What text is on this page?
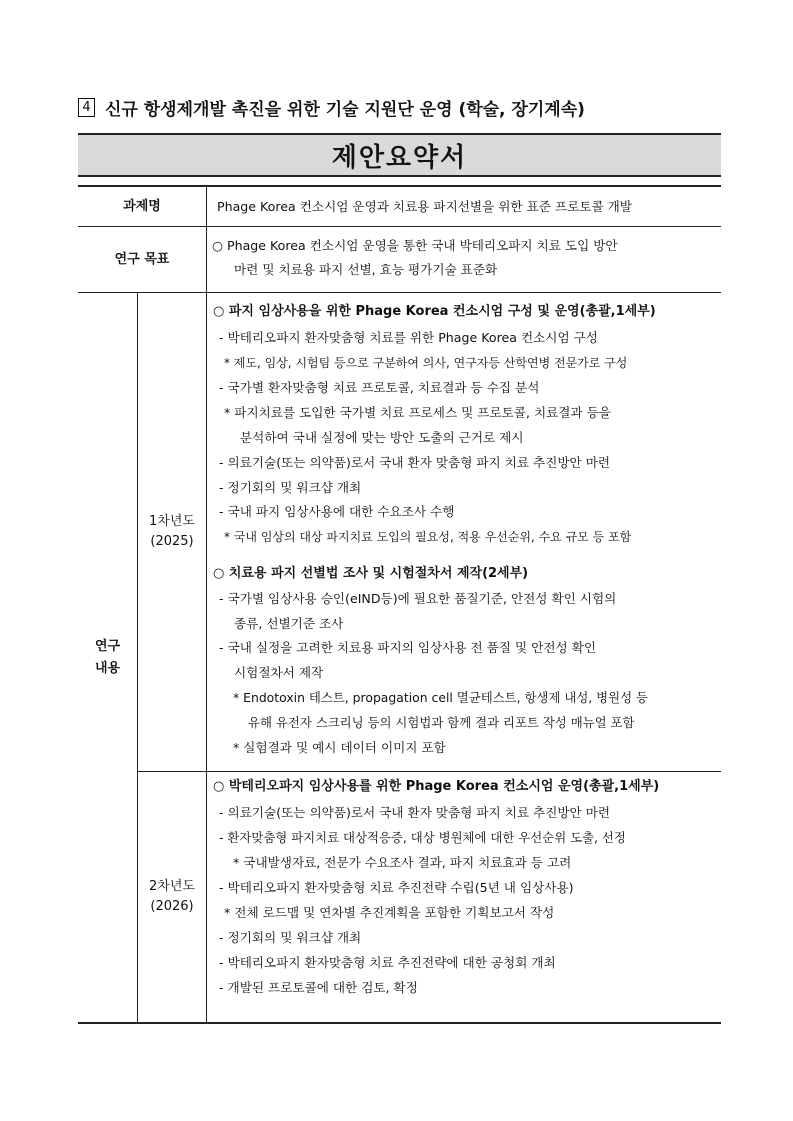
4 신규 항생제개발 촉진을 위한 기술 지원단 운영 (학술, 장기계속)
제안요약서
과제명	Phage Korea 컨소시엄 운영과 치료용 파지선별을 위한 표준 프로토콜 개발
연구 목표
○ Phage Korea 컨소시엄 운영을 통한 국내 박테리오파지 치료 도입 방안
마련 및 치료용 파지 선별, 효능 평가기술 표준화
연구
내용
1차년도
(2025)
2차년도
(2026)
○ 파지 임상사용을 위한 Phage Korea 컨소시엄 구성 및 운영(총괄,1세부)
- 박테리오파지 환자맞춤형 치료를 위한 Phage Korea 컨소시엄 구성
* 제도, 임상, 시험팀 등으로 구분하여 의사, 연구자등 산학연병 전문가로 구성
- 국가별 환자맞춤형 치료 프로토콜, 치료결과 등 수집 분석
* 파지치료를 도입한 국가별 치료 프로세스 및 프로토콜, 치료결과 등을
분석하여 국내 실정에 맞는 방안 도출의 근거로 제시
- 의료기술(또는 의약품)로서 국내 환자 맞춤형 파지 치료 추진방안 마련
- 정기회의 및 워크샵 개최
- 국내 파지 임상사용에 대한 수요조사 수행
* 국내 임상의 대상 파지치료 도입의 필요성, 적용 우선순위, 수요 규모 등 포함
○ 치료용 파지 선별법 조사 및 시험절차서 제작(2세부)
- 국가별 임상사용 승인(eIND등)에 필요한 품질기준, 안전성 확인 시험의
종류, 선별기준 조사
- 국내 실정을 고려한 치료용 파지의 임상사용 전 품질 및 안전성 확인
시험절차서 제작
* Endotoxin 테스트, propagation cell 멸균테스트, 항생제 내성, 병원성 등
유해 유전자 스크리닝 등의 시험법과 함께 결과 리포트 작성 매뉴얼 포함
* 실험결과 및 예시 데이터 이미지 포함
○ 박테리오파지 임상사용를 위한 Phage Korea 컨소시엄 운영(총괄,1세부)
- 의료기술(또는 의약품)로서 국내 환자 맞춤형 파지 치료 추진방안 마련
- 환자맞춤형 파지치료 대상적응증, 대상 병원체에 대한 우선순위 도출, 선정
* 국내발생자료, 전문가 수요조사 결과, 파지 치료효과 등 고려
- 박테리오파지 환자맞춤형 치료 추진전략 수립(5년 내 임상사용)
* 전체 로드맵 및 연차별 추진계획을 포함한 기획보고서 작성
- 정기회의 및 워크샵 개최
- 박테리오파지 환자맞춤형 치료 추진전략에 대한 공청회 개최
- 개발된 프로토콜에 대한 검토, 확정
